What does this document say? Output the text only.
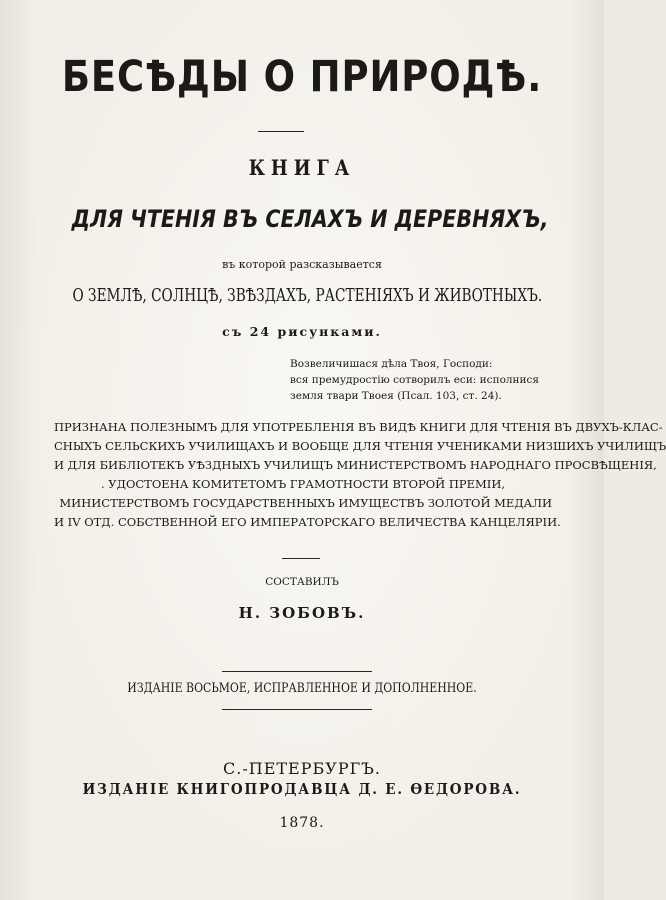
БЕСѢДЫ О ПРИРОДѢ.
КНИГА
ДЛЯ ЧТЕНІЯ ВЪ СЕЛАХЪ И ДЕРЕВНЯХЪ,
въ которой разсказывается
О ЗЕМЛѢ, СОЛНЦѢ, ЗВѢЗДАХЪ, РАСТЕНІЯХЪ И ЖИВОТНЫХЪ.
съ 24 рисунками.
Возвеличишася дѣла Твоя, Господи:
вся премудростію сотворилъ еси: исполнися
земля твари Твоея (Псал. 103, ст. 24).
ПРИЗНАНА ПОЛЕЗНЫМЪ ДЛЯ УПОТРЕБЛЕНІЯ ВЪ ВИДѢ КНИГИ ДЛЯ ЧТЕНІЯ ВЪ ДВУХЪ-КЛАС-
СНЫХЪ СЕЛЬСКИХЪ УЧИЛИЩАХЪ И ВООБЩЕ ДЛЯ ЧТЕНІЯ УЧЕНИКАМИ НИЗШИХЪ УЧИЛИЩЪ
И ДЛЯ БИБЛІОТЕКЪ УѢЗДНЫХЪ УЧИЛИЩЪ МИНИСТЕРСТВОМЪ НАРОДНАГО ПРОСВѢЩЕНІЯ,
. УДОСТОЕНА КОМИТЕТОМЪ ГРАМОТНОСТИ ВТОРОЙ ПРЕМІИ,
МИНИСТЕРСТВОМЪ ГОСУДАРСТВЕННЫХЪ ИМУЩЕСТВЪ ЗОЛОТОЙ МЕДАЛИ
И IV ОТД. СОБСТВЕННОЙ ЕГО ИМПЕРАТОРСКАГО ВЕЛИЧЕСТВА КАНЦЕЛЯРІИ.
СОСТАВИЛЪ
Н. ЗОБОВЪ.
ИЗДАНІЕ ВОСЬМОЕ, ИСПРАВЛЕННОЕ И ДОПОЛНЕННОЕ.
С.-ПЕТЕРБУРГЪ.
ИЗДАНІЕ КНИГОПРОДАВЦА Д. Е. ѲЕДОРОВА.
1878.
